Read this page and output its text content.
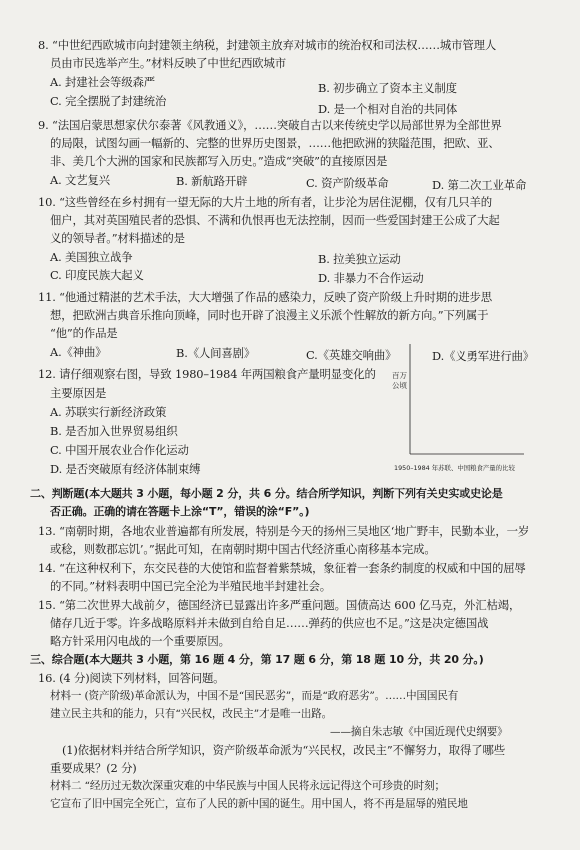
8. “中世纪西欧城市向封建领主纳税，封建领主放弃对城市的统治权和司法权……城市管理人
员由市民选举产生。”材料反映了中世纪西欧城市
A. 封建社会等级森严	B. 初步确立了资本主义制度
C. 完全摆脱了封建统治
D. 是一个相对自治的共同体
9. “法国启蒙思想家伏尔泰著《风教通义》，……突破自古以来传统史学以局部世界为全部世界
的局限，试图勾画一幅新的、完整的世界历史图景，……他把欧洲的狭隘范围，把欧、亚、
非、美几个大洲的国家和民族都写入历史。”造成“突破”的直接原因是
A. 文艺复兴	B. 新航路开辟	C. 资产阶级革命	D. 第二次工业革命
10. “这些曾经在乡村拥有一望无际的大片土地的所有者，让步沦为居住泥棚，仅有几只羊的
佃户，其对英国殖民者的恐惧、不满和仇恨再也无法控制，因而一些爱国封建王公成了大起
义的领导者。”材料描述的是
A. 美国独立战争	B. 拉美独立运动
C. 印度民族大起义	D. 非暴力不合作运动
11. “他通过精湛的艺术手法，大大增强了作品的感染力，反映了资产阶级上升时期的进步思
想，把欧洲古典音乐推向顶峰，同时也开辟了浪漫主义乐派个性解放的新方向。”下列属于
“他”的作品是
A.《神曲》	B.《人间喜剧》	C.《英雄交响曲》	D.《义勇军进行曲》
12. 请仔细观察右图，导致 1980–1984 年两国粮食产量明显变化的
主要原因是
A. 苏联实行新经济政策
B. 是否加入世界贸易组织
C. 中国开展农业合作化运动
D. 是否突破原有经济体制束缚
百万
公顷
1950–1984 年苏联、中国粮食产量的比较
二、判断题(本大题共 3 小题，每小题 2 分，共 6 分。结合所学知识，判断下列有关史实或史论是
否正确。正确的请在答题卡上涂“T”，错误的涂“F”。)
13. “南朝时期，各地农业普遍都有所发展，特别是今天的扬州三吴地区‘地广野丰，民勤本业，一岁
或稔，则数郡忘饥’。”据此可知，在南朝时期中国古代经济重心南移基本完成。
14. “在这种权利下，东交民巷的大使馆和监督着紫禁城，象征着一套条约制度的权威和中国的屈辱
的不同。”材料表明中国已完全沦为半殖民地半封建社会。
15. “第二次世界大战前夕，德国经济已显露出许多严重问题。国债高达 600 亿马克，外汇枯竭，
储存几近于零。许多战略原料并未做到自给自足……弹药的供应也不足。”这是决定德国战
略方针采用闪电战的一个重要原因。
三、综合题(本大题共 3 小题，第 16 题 4 分，第 17 题 6 分，第 18 题 10 分，共 20 分。)
16. (4 分)阅读下列材料，回答问题。
材料一 (资产阶级)革命派认为，中国不是“国民恶劣”，而是“政府恶劣”。……中国国民有
建立民主共和的能力，只有“兴民权，改民主”才是唯一出路。
——摘自朱志敏《中国近现代史纲要》
(1)依据材料并结合所学知识，资产阶级革命派为“兴民权，改民主”不懈努力，取得了哪些
重要成果？(2 分)
材料二 “经历过无数次深重灾难的中华民族与中国人民将永远记得这个可珍贵的时刻；
它宣布了旧中国完全死亡，宣布了人民的新中国的诞生。用中国人，将不再是屈辱的殖民地
